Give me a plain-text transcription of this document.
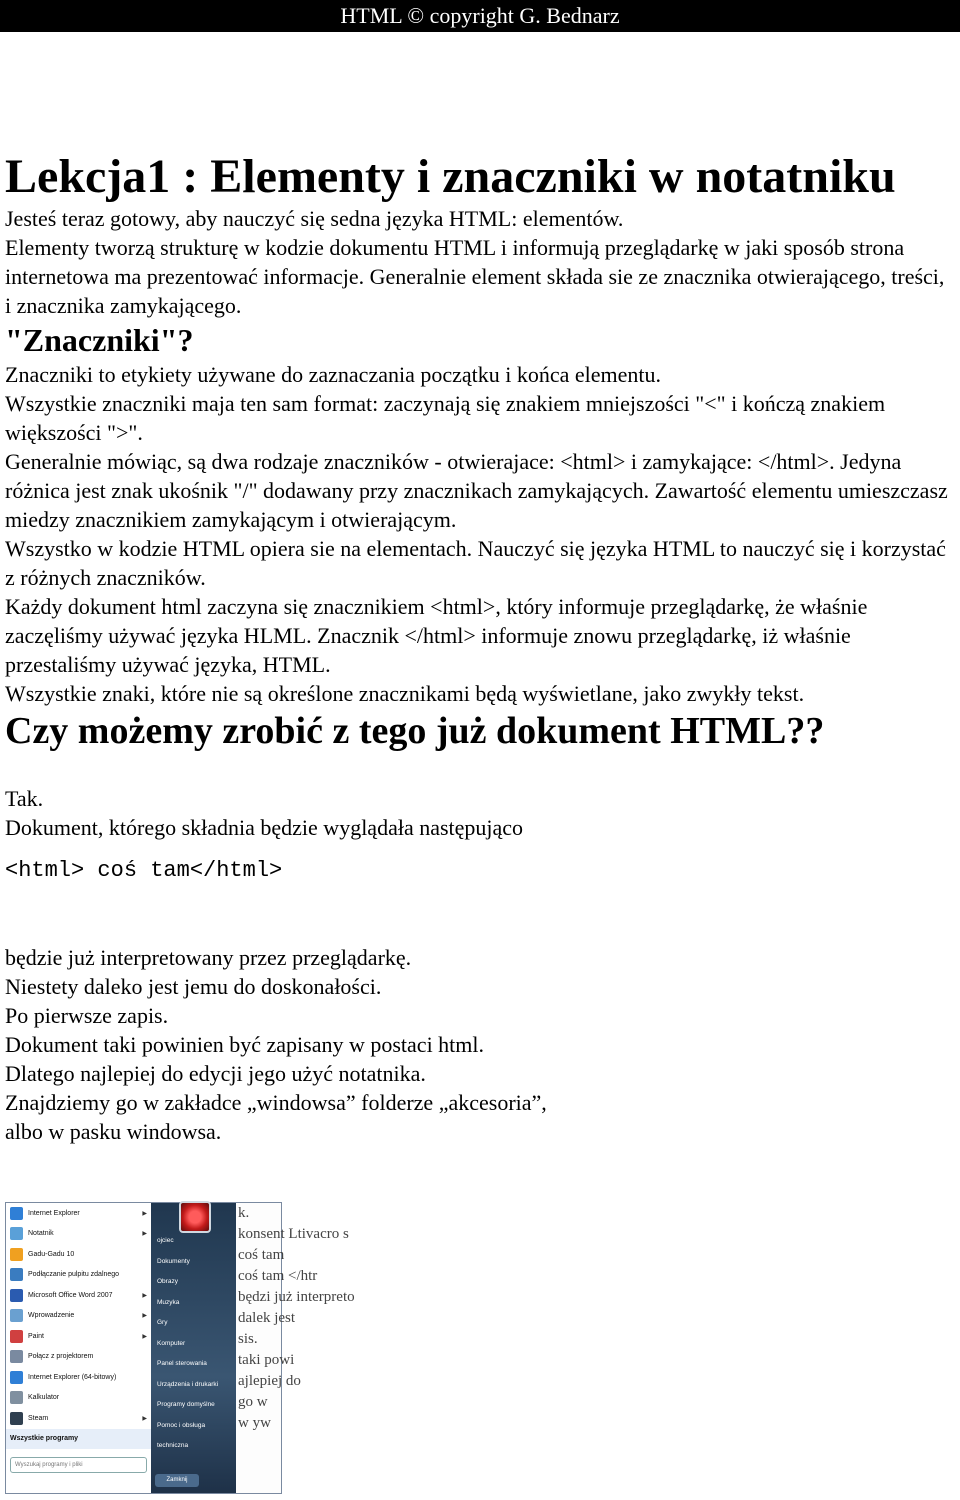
HTML © copyright G. Bednarz
Lekcja1 : Elementy i znaczniki w notatniku

Jesteś teraz gotowy, aby nauczyć się sedna języka HTML: elementów.

Elementy tworzą strukturę w kodzie dokumentu HTML i informują przeglądarkę w jaki sposób strona internetowa ma prezentować informacje. Generalnie element składa sie ze znacznika otwierającego, treści, i znacznika zamykającego.

"Znaczniki"?

Znaczniki to etykiety używane do zaznaczania początku i końca elementu.

Wszystkie znaczniki maja ten sam format: zaczynają się znakiem mniejszości "<" i kończą znakiem większości ">".

Generalnie mówiąc, są dwa rodzaje znaczników - otwierajace: <html> i zamykające: </html>. Jedyna różnica jest znak ukośnik "/" dodawany przy znacznikach zamykających. Zawartość elementu umieszczasz miedzy znacznikiem zamykającym i otwierającym.

Wszystko w kodzie HTML opiera sie na elementach. Nauczyć się języka HTML to nauczyć się i korzystać z różnych znaczników.

Każdy dokument html zaczyna się znacznikiem <html>, który informuje przeglądarkę, że właśnie zaczęliśmy używać języka HLML. Znacznik </html> informuje znowu przeglądarkę, iż właśnie przestaliśmy używać języka, HTML.

Wszystkie znaki, które nie są określone znacznikami będą wyświetlane, jako zwykły tekst.

Czy możemy zrobić z tego już dokument HTML??

Tak.

Dokument, którego składnia będzie wyglądała następująco

<html> coś tam</html>

będzie już interpretowany przez przeglądarkę.

Niestety daleko jest jemu do doskonałości.

Po pierwsze zapis.

Dokument taki powinien być zapisany w postaci html.

Dlatego najlepiej do edycji jego użyć notatnika.

Znajdziemy go w zakładce „windowsa” folderze „akcesoria”,

albo w pasku windowsa.

Internet Explorer	▶
Notatnik	▶
Gadu-Gadu 10
Podłączanie pulpitu zdalnego
Microsoft Office Word 2007	▶
Wprowadzenie	▶
Paint	▶
Połącz z projektorem
Internet Explorer (64-bitowy)
Kalkulator
Steam	▶
Wszystkie programy
Wyszukaj programy i pliki
ojciec
Dokumenty
Obrazy
Muzyka
Gry
Komputer
Panel sterowania
Urządzenia i drukarki
Programy domyślne
Pomoc i obsługa techniczna
Zamknij
k.
konsent Ltivacro s
coś tam
coś tam </htr
będzi już interpreto
dalek jest
sis.
taki powi
ajlepiej do
go w
w yw
